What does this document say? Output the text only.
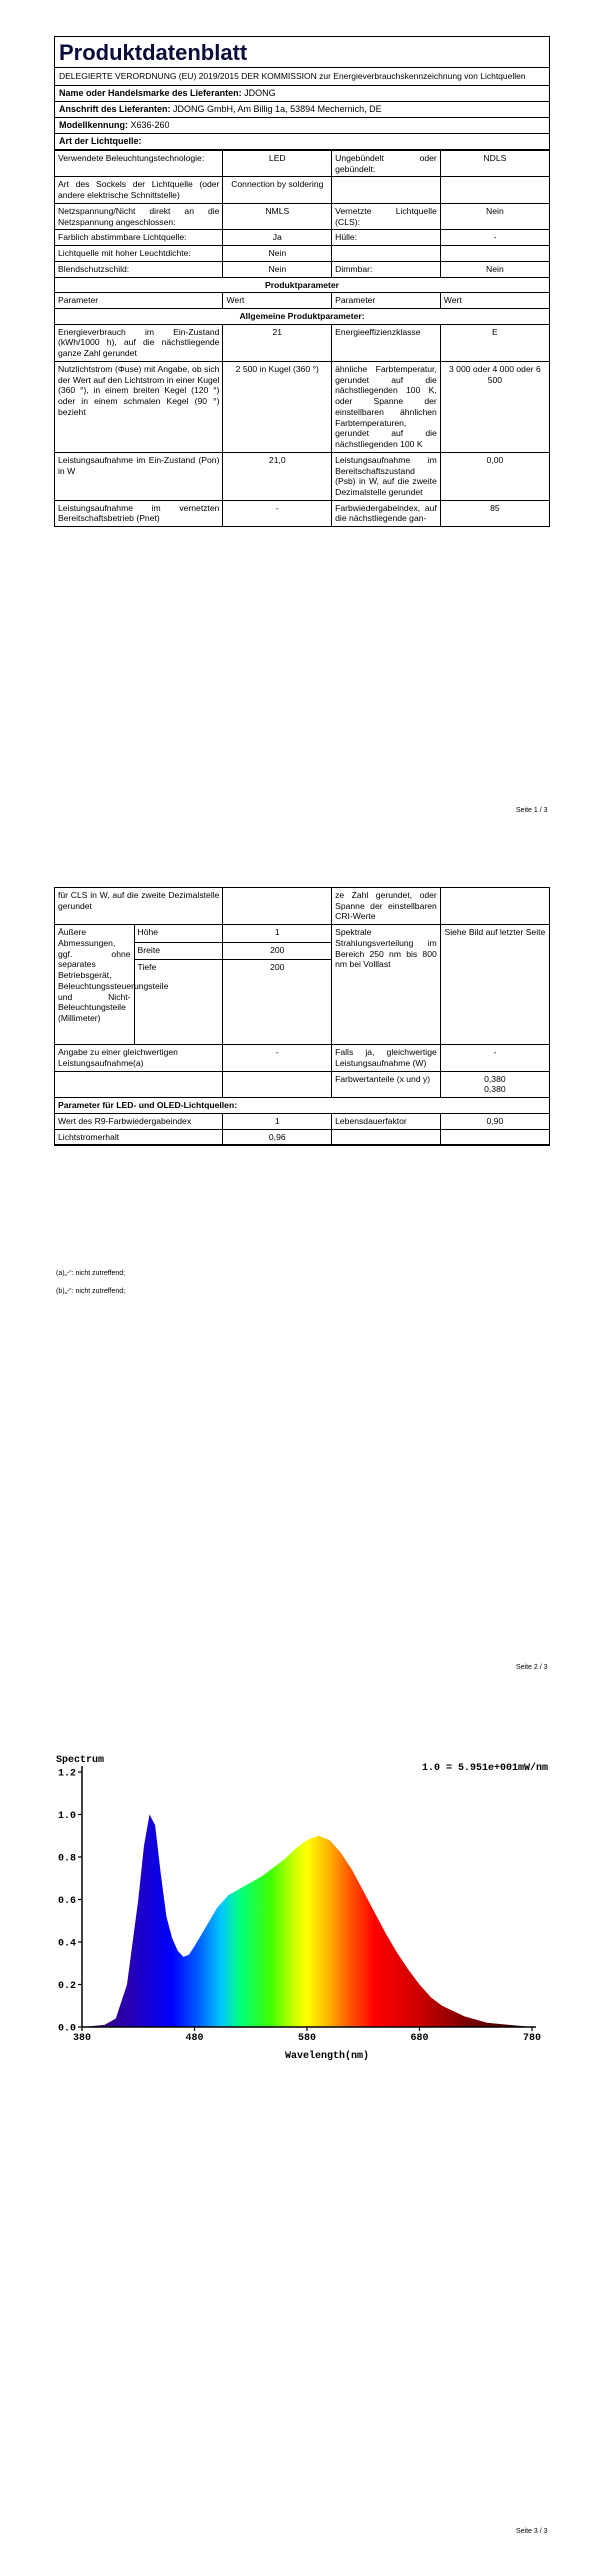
Produktdatenblatt
DELEGIERTE VERORDNUNG (EU) 2019/2015 DER KOMMISSION zur Energieverbrauchskennzeichnung von Lichtquellen
Name oder Handelsmarke des Lieferanten: JDONG
Anschrift des Lieferanten: JDONG GmbH, Am Billig 1a, 53894 Mechernich, DE
Modellkennung: X636-260
Art der Lichtquelle:
Verwendete Beleuchtungstechnologie:	LED	Ungebündelt oder gebündelt:	NDLS
Art des Sockels der Lichtquelle (oder andere elektrische Schnittstelle)	Connection by soldering		
Netzspannung/Nicht direkt an die Netzspannung angeschlossen:	NMLS	Vernetzte Lichtquelle (CLS):	Nein
Farblich abstimmbare Lichtquelle:	Ja	Hülle:	-
Lichtquelle mit hoher Leuchtdichte:	Nein		
Blendschutzschild:	Nein	Dimmbar:	Nein
Produktparameter			
Parameter	Wert	Parameter	Wert
Allgemeine Produktparameter:			
Energieverbrauch im Ein-Zustand (kWh/1000 h), auf die nächstliegende ganze Zahl gerundet	21	Energieeffizienzklasse	E
Nutzlichtstrom (Φuse) mit Angabe, ob sich der Wert auf den Lichtstrom in einer Kugel (360 °), in einem breiten Kegel (120 °) oder in einem schmalen Kegel (90 °) bezieht	2 500 in Kugel (360 °)	ähnliche Farbtemperatur, gerundet auf die nächstliegenden 100 K, oder Spanne der einstellbaren ähnlichen Farbtemperaturen, gerundet auf die nächstliegenden 100 K	3 000 oder 4 000 oder 6 500
Leistungsaufnahme im Ein-Zustand (Pon) in W	21,0	Leistungsaufnahme im Bereitschaftszustand (Psb) in W, auf die zweite Dezimalstelle gerundet	0,00
Leistungsaufnahme im vernetzten Bereitschaftsbetrieb (Pnet)	-	Farbwiedergabeindex, auf die nächstliegende gan-	85
Seite 1 / 3
für CLS in W, auf die zweite Dezimalstelle gerundet			ze Zahl gerundet, oder Spanne der einstellbaren CRI-Werte	
Äußere Abmessungen, ggf. ohne separates Betriebsgerät, Beleuchtungssteuerungsteile und Nicht-Beleuchtungsteile (Millimeter)	Höhe	1	Spektrale Strahlungsverteilung im Bereich 250 nm bis 800 nm bei Volllast	Siehe Bild auf letzter Seite
	Breite	200		
	Tiefe	200		
Angabe zu einer gleichwertigen Leistungsaufnahme(a)		-	Falls ja, gleichwertige Leistungsaufnahme (W)	-
			Farbwertanteile (x und y)	0,380
0,380
Parameter für LED- und OLED-Lichtquellen:				
Wert des R9-Farbwiedergabeindex		1	Lebensdauerfaktor	0,90
Lichtstromerhalt		0,96		
(a)„-“: nicht zutreffend;
(b)„-“: nicht zutreffend;
Seite 2 / 3
Spectrum
1.0 = 5.951e+001mW/nm
0.0
0.2
0.4
0.6
0.8
1.0
1.2
380	480	580	680	780
Wavelength(nm)
Seite 3 / 3
